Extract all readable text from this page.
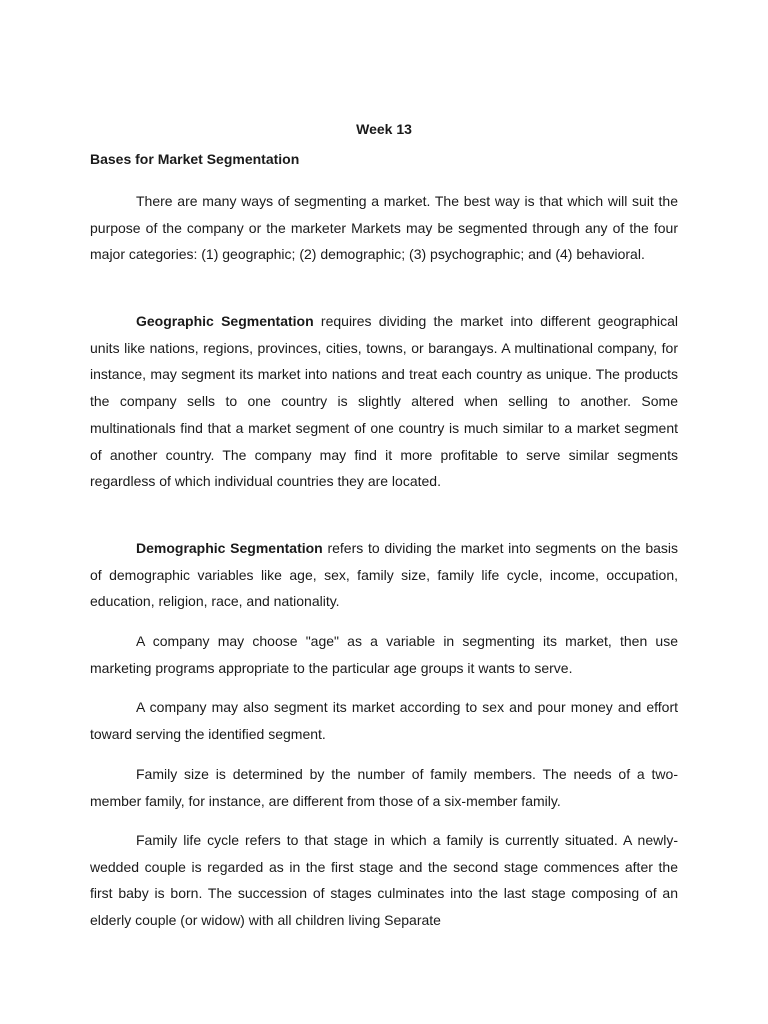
Week 13

Bases for Market Segmentation

There are many ways of segmenting a market. The best way is that which will suit the purpose of the company or the marketer Markets may be segmented through any of the four major categories: (1) geographic; (2) demographic; (3) psychographic; and (4) behavioral.

Geographic Segmentation requires dividing the market into different geographical units like nations, regions, provinces, cities, towns, or barangays. A multinational company, for instance, may segment its market into nations and treat each country as unique. The products the company sells to one country is slightly altered when selling to another. Some multinationals find that a market segment of one country is much similar to a market segment of another country. The company may find it more profitable to serve similar segments regardless of which individual countries they are located.

Demographic Segmentation refers to dividing the market into segments on the basis of demographic variables like age, sex, family size, family life cycle, income, occupation, education, religion, race, and nationality.

A company may choose "age" as a variable in segmenting its market, then use marketing programs appropriate to the particular age groups it wants to serve.

A company may also segment its market according to sex and pour money and effort toward serving the identified segment.

Family size is determined by the number of family members. The needs of a two-member family, for instance, are different from those of a six-member family.

Family life cycle refers to that stage in which a family is currently situated. A newly-wedded couple is regarded as in the first stage and the second stage commences after the first baby is born. The succession of stages culminates into the last stage composing of an elderly couple (or widow) with all children living Separate
